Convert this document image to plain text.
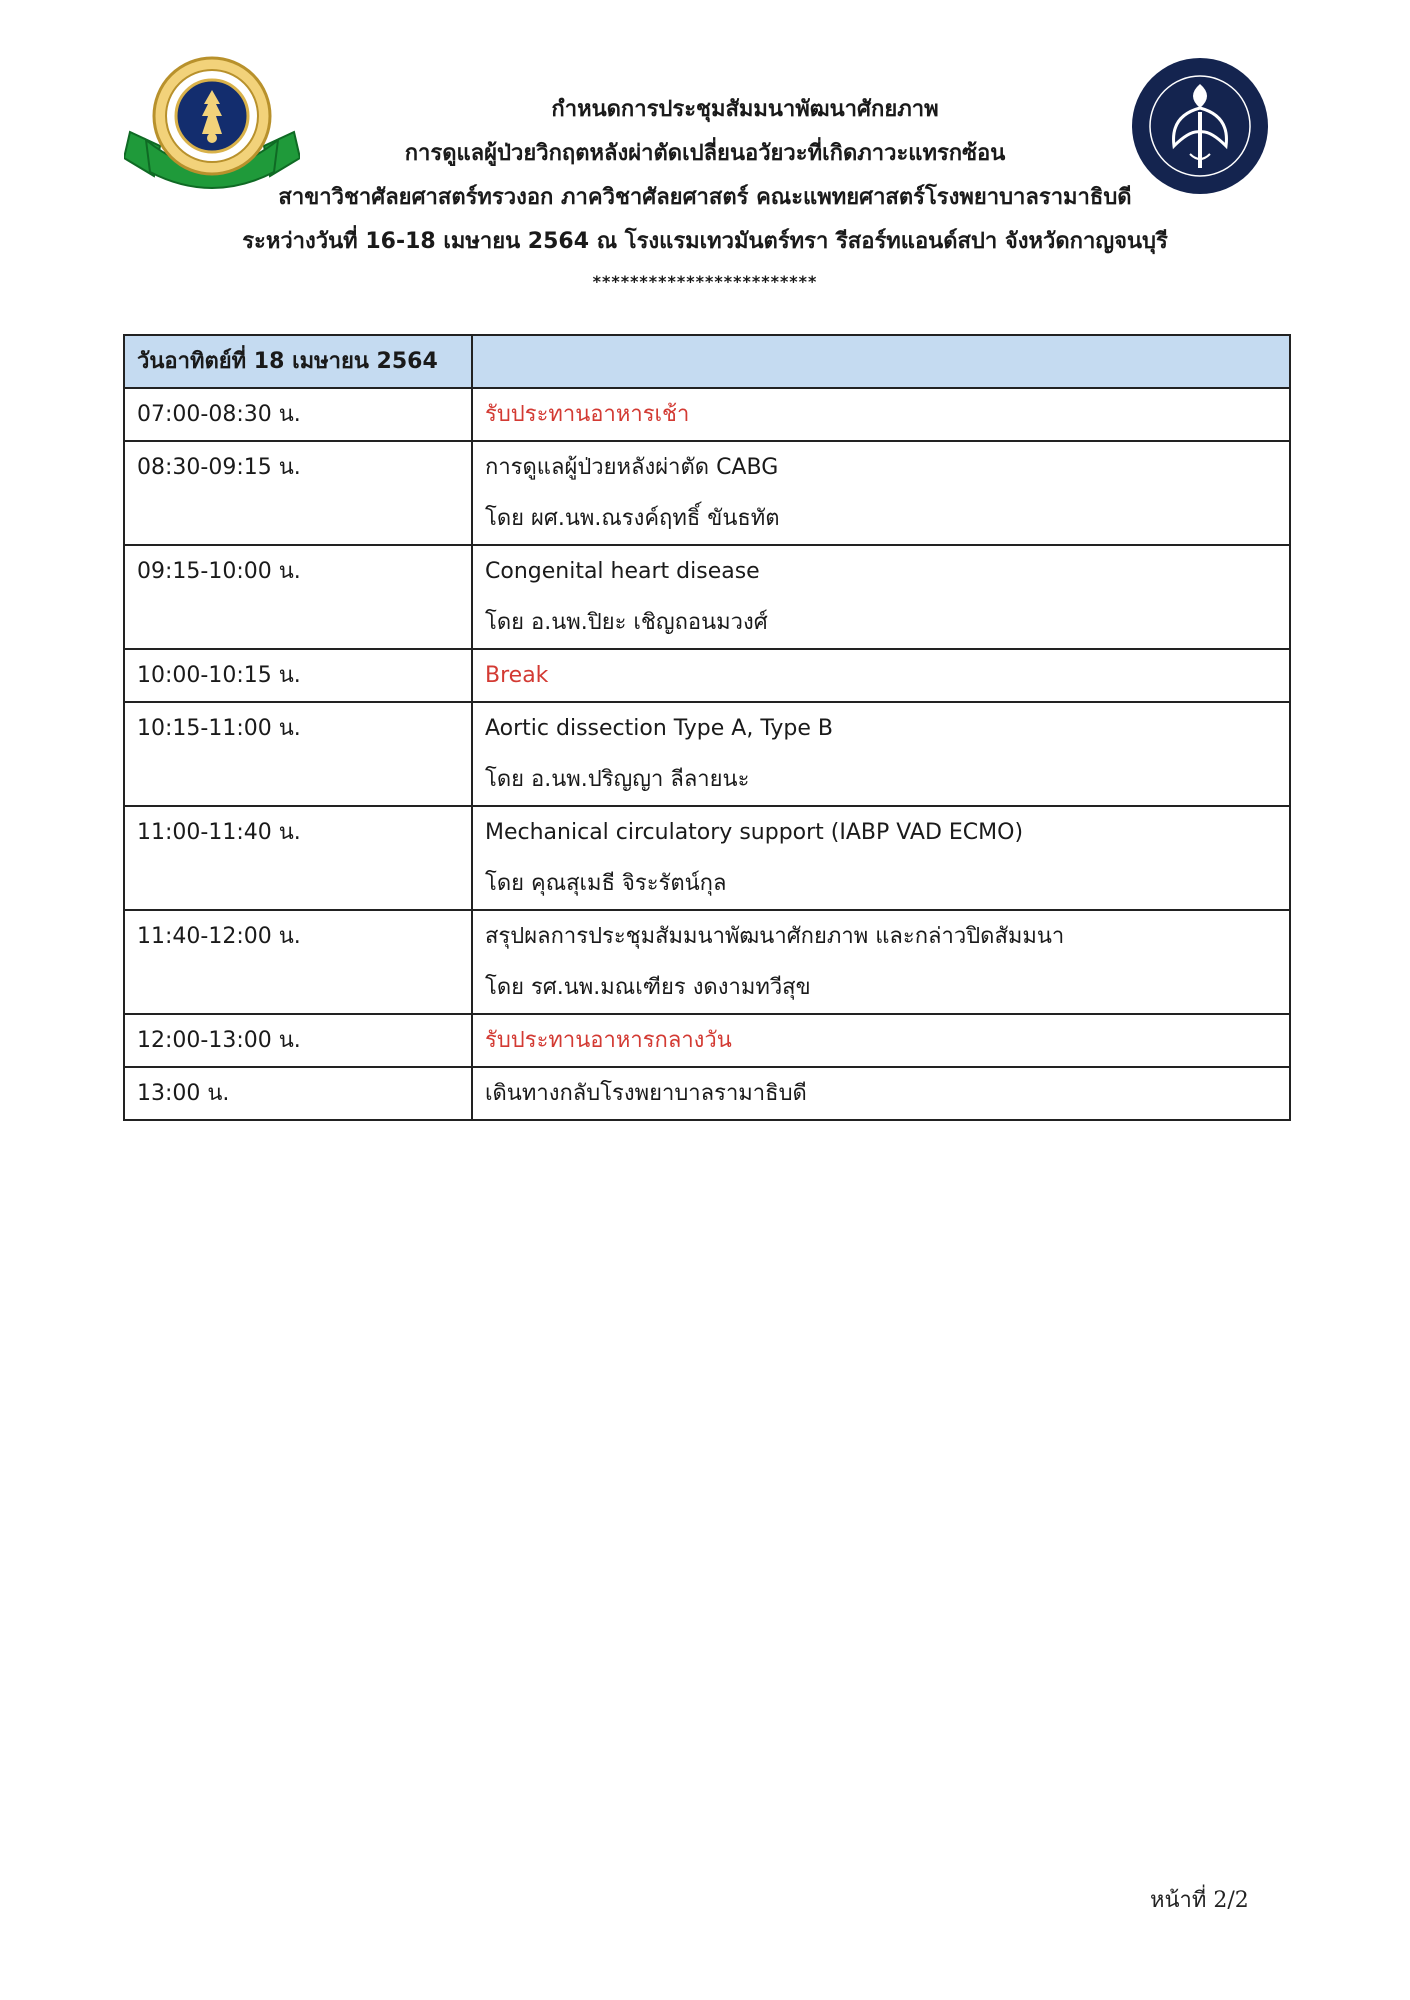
กำหนดการประชุมสัมมนาพัฒนาศักยภาพ
การดูแลผู้ป่วยวิกฤตหลังผ่าตัดเปลี่ยนอวัยวะที่เกิดภาวะแทรกซ้อน
สาขาวิชาศัลยศาสตร์ทรวงอก ภาควิชาศัลยศาสตร์ คณะแพทยศาสตร์โรงพยาบาลรามาธิบดี
ระหว่างวันที่ 16-18 เมษายน 2564 ณ โรงแรมเทวมันตร์ทรา รีสอร์ทแอนด์สปา จังหวัดกาญจนบุรี
************************
วันอาทิตย์ที่ 18 เมษายน 2564	
07:00-08:30 น.	รับประทานอาหารเช้า

08:30-09:15 น.	การดูแลผู้ป่วยหลังผ่าตัด CABG
โดย ผศ.นพ.ณรงค์ฤทธิ์ ขันธทัต

09:15-10:00 น.	Congenital heart disease
โดย อ.นพ.ปิยะ เชิญถอนมวงศ์

10:00-10:15 น.	Break

10:15-11:00 น.	Aortic dissection Type A, Type B
โดย อ.นพ.ปริญญา ลีลายนะ

11:00-11:40 น.	Mechanical circulatory support (IABP VAD ECMO)
โดย คุณสุเมธี จิระรัตน์กุล

11:40-12:00 น.	สรุปผลการประชุมสัมมนาพัฒนาศักยภาพ และกล่าวปิดสัมมนา
โดย รศ.นพ.มณเฑียร งดงามทวีสุข

12:00-13:00 น.	รับประทานอาหารกลางวัน

13:00 น.	เดินทางกลับโรงพยาบาลรามาธิบดี
หน้าที่ 2/2
